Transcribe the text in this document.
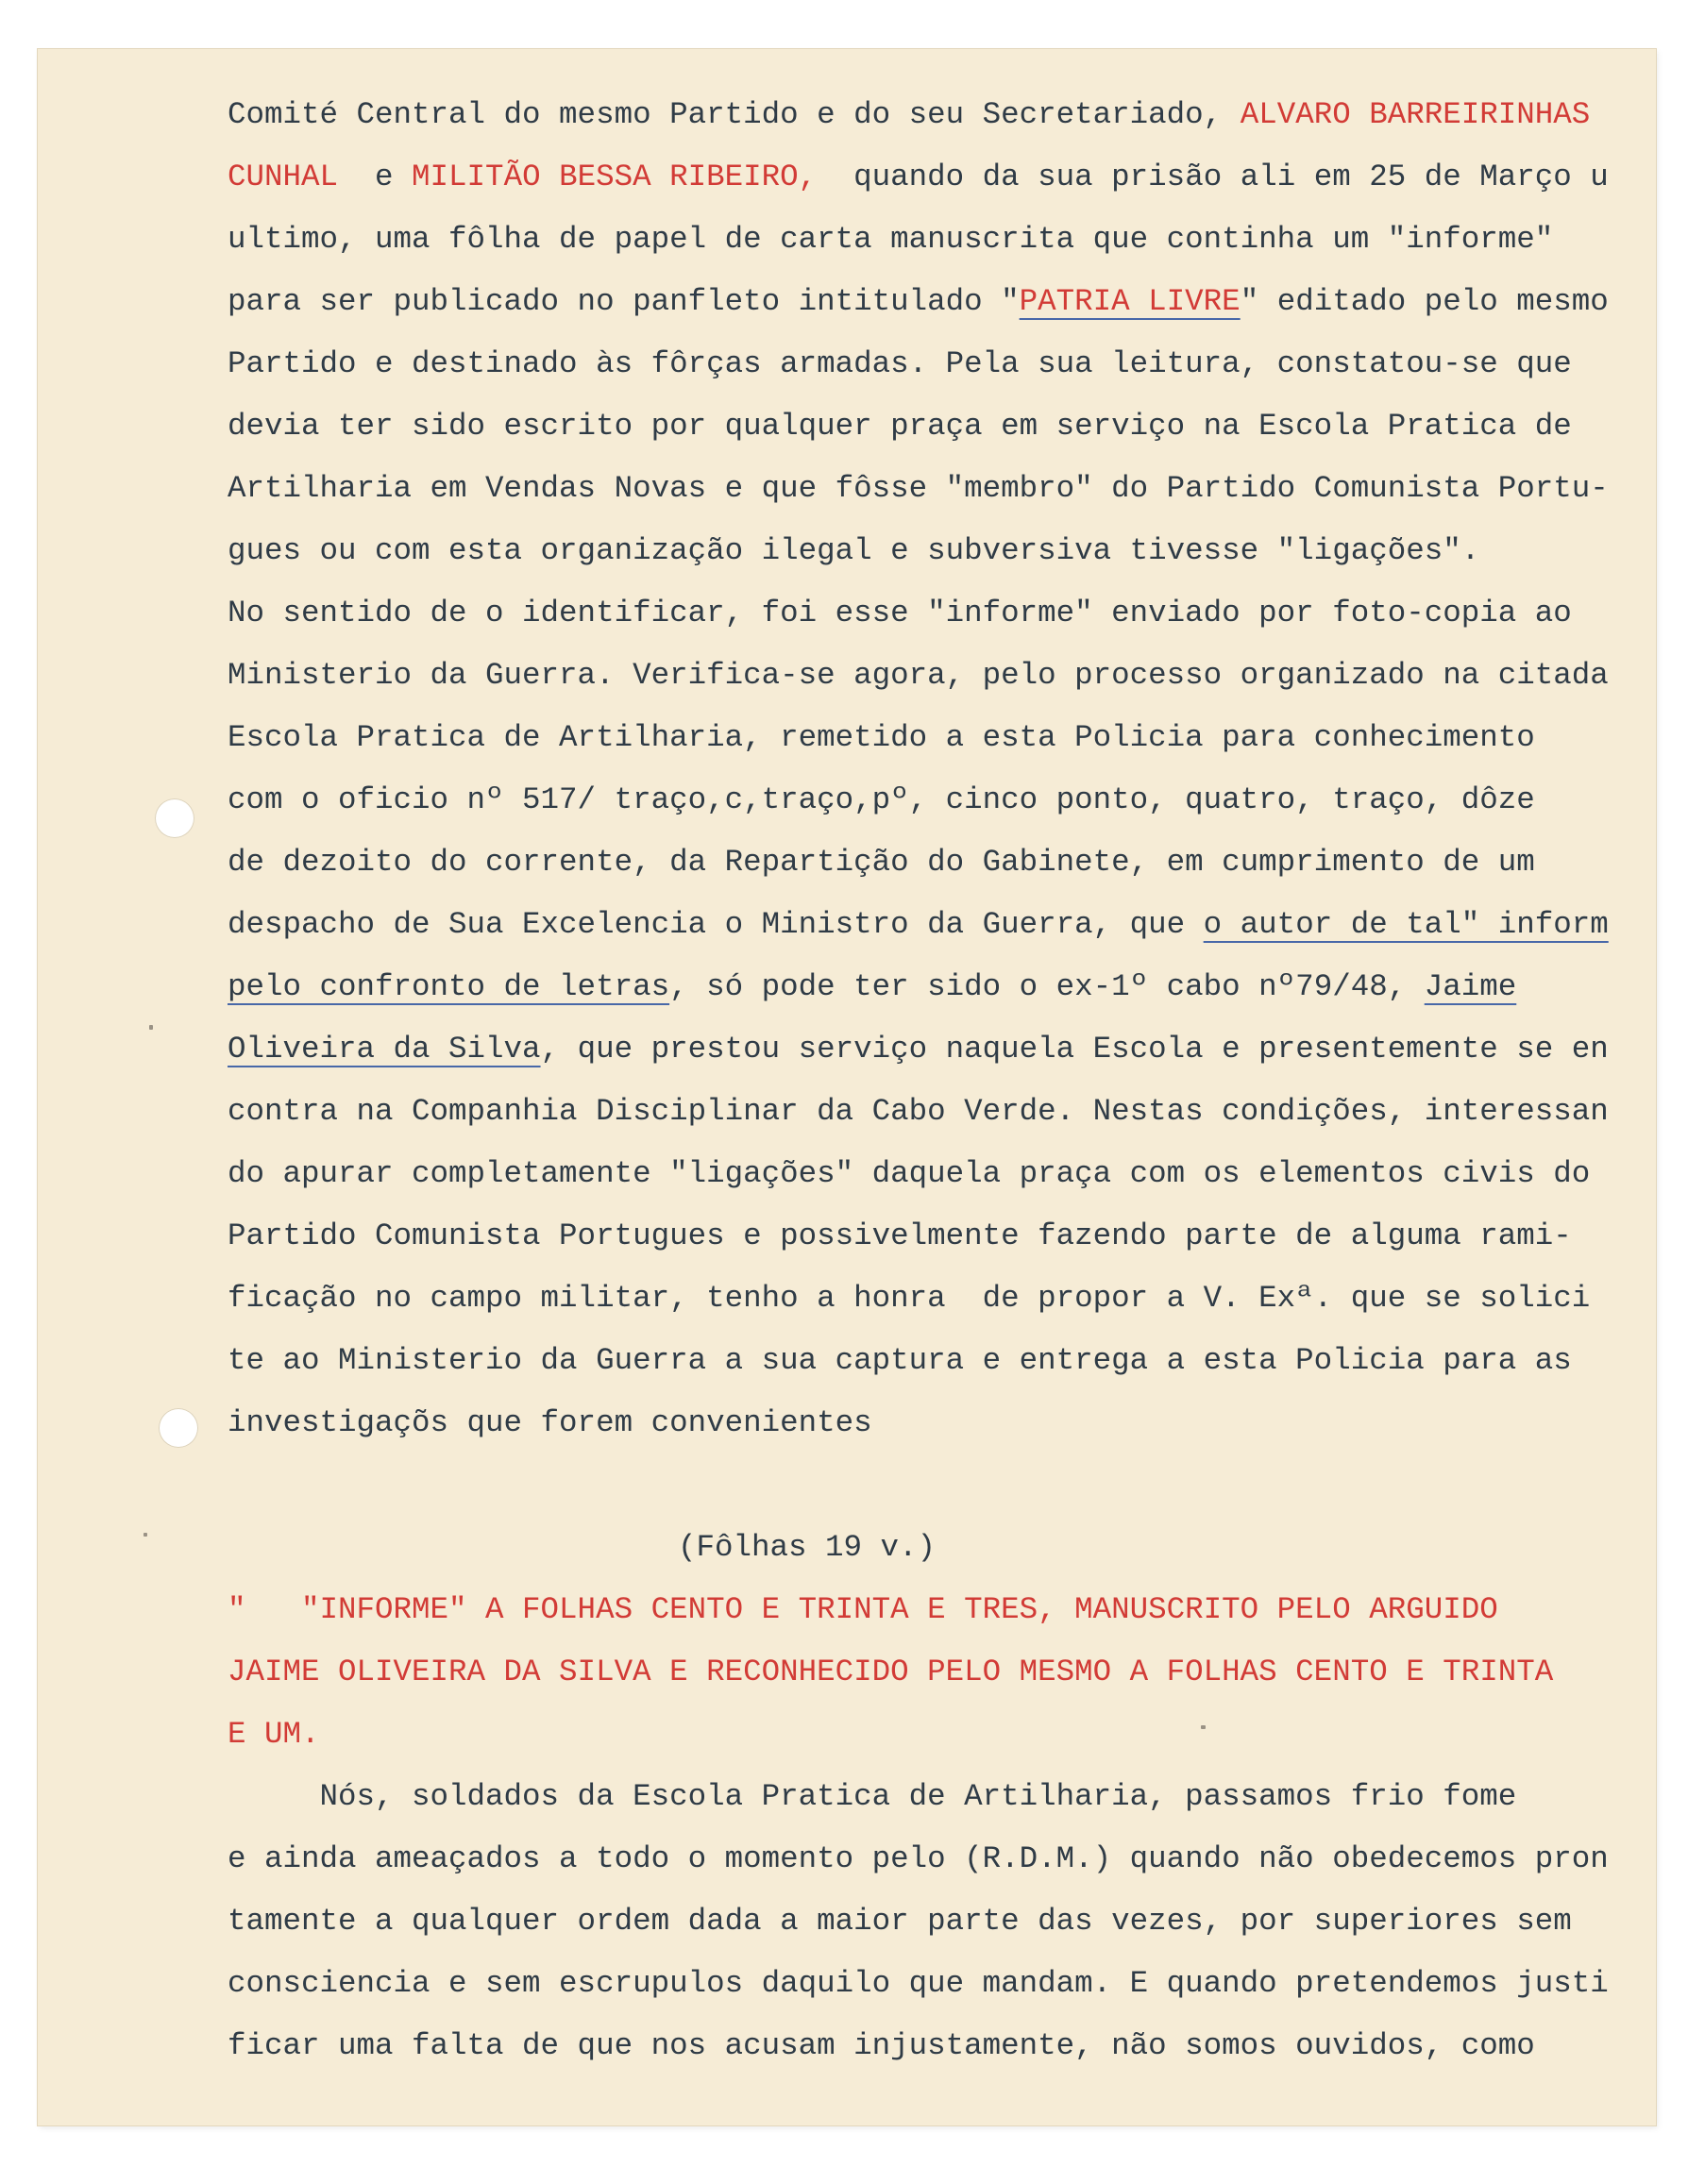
Comité Central do mesmo Partido e do seu Secretariado, ALVARO BARREIRINHAS

CUNHAL  e MILITÃO BESSA RIBEIRO,  quando da sua prisão ali em 25 de Março u

ultimo, uma fôlha de papel de carta manuscrita que continha um "informe"

para ser publicado no panfleto intitulado "PATRIA LIVRE" editado pelo mesmo

Partido e destinado às fôrças armadas. Pela sua leitura, constatou-se que

devia ter sido escrito por qualquer praça em serviço na Escola Pratica de

Artilharia em Vendas Novas e que fôsse "membro" do Partido Comunista Portu-

gues ou com esta organização ilegal e subversiva tivesse "ligações".

No sentido de o identificar, foi esse "informe" enviado por foto-copia ao

Ministerio da Guerra. Verifica-se agora, pelo processo organizado na citada

Escola Pratica de Artilharia, remetido a esta Policia para conhecimento

com o oficio nº 517/ traço,c,traço,pº, cinco ponto, quatro, traço, dôze

de dezoito do corrente, da Repartição do Gabinete, em cumprimento de um

despacho de Sua Excelencia o Ministro da Guerra, que o autor de tal" inform

pelo confronto de letras, só pode ter sido o ex-1º cabo nº79/48, Jaime

Oliveira da Silva, que prestou serviço naquela Escola e presentemente se en

contra na Companhia Disciplinar da Cabo Verde. Nestas condições, interessan

do apurar completamente "ligações" daquela praça com os elementos civis do

Partido Comunista Portugues e possivelmente fazendo parte de alguma rami-

ficação no campo militar, tenho a honra  de propor a V. Exª. que se solici

te ao Ministerio da Guerra a sua captura e entrega a esta Policia para as

investigaçõs que forem convenientes

"   "INFORME" A FOLHAS CENTO E TRINTA E TRES, MANUSCRITO PELO ARGUIDO

JAIME OLIVEIRA DA SILVA E RECONHECIDO PELO MESMO A FOLHAS CENTO E TRINTA

E UM.

Nós, soldados da Escola Pratica de Artilharia, passamos frio fome

e ainda ameaçados a todo o momento pelo (R.D.M.) quando não obedecemos pron

tamente a qualquer ordem dada a maior parte das vezes, por superiores sem

consciencia e sem escrupulos daquilo que mandam. E quando pretendemos justi

ficar uma falta de que nos acusam injustamente, não somos ouvidos, como

(Fôlhas 19 v.)
